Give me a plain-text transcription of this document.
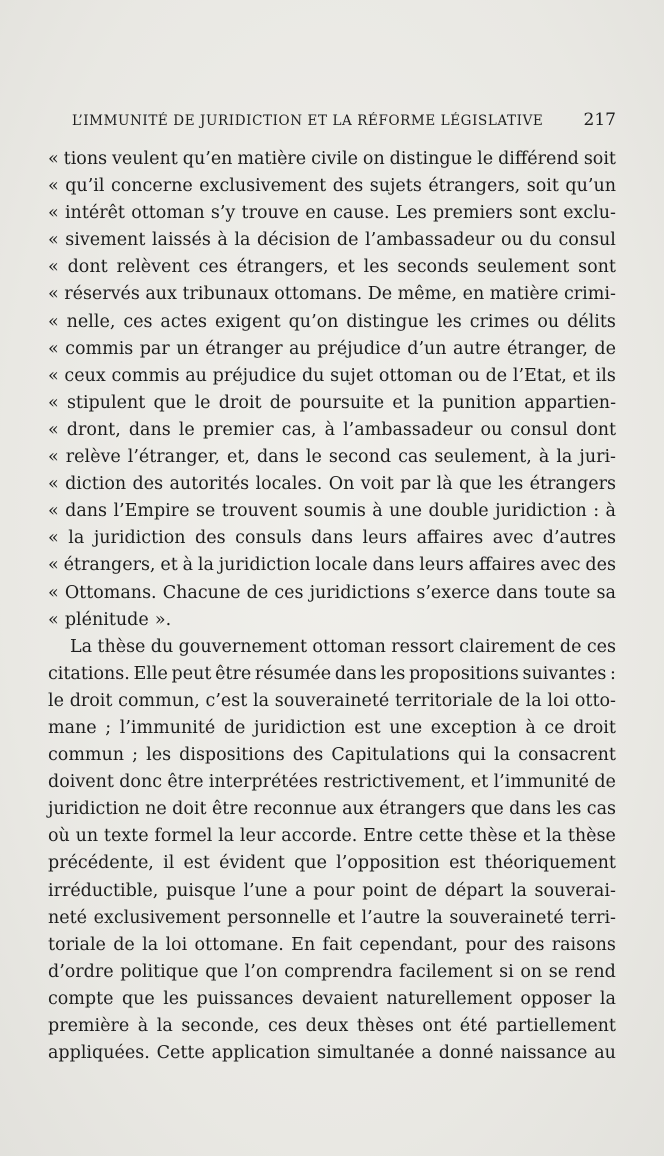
L’IMMUNITÉ DE JURIDICTION ET LA RÉFORME LÉGISLATIVE 217
« tions veulent qu’en matière civile on distingue le différend soit
« qu’il concerne exclusivement des sujets étrangers, soit qu’un
« intérêt ottoman s’y trouve en cause. Les premiers sont exclu-
« sivement laissés à la décision de l’ambassadeur ou du consul
« dont relèvent ces étrangers, et les seconds seulement sont
« réservés aux tribunaux ottomans. De même, en matière crimi-
« nelle, ces actes exigent qu’on distingue les crimes ou délits
« commis par un étranger au préjudice d’un autre étranger, de
« ceux commis au préjudice du sujet ottoman ou de l’Etat, et ils
« stipulent que le droit de poursuite et la punition appartien-
« dront, dans le premier cas, à l’ambassadeur ou consul dont
« relève l’étranger, et, dans le second cas seulement, à la juri-
« diction des autorités locales. On voit par là que les étrangers
« dans l’Empire se trouvent soumis à une double juridiction : à
« la juridiction des consuls dans leurs affaires avec d’autres
« étrangers, et à la juridiction locale dans leurs affaires avec des
« Ottomans. Chacune de ces juridictions s’exerce dans toute sa
« plénitude ».
La thèse du gouvernement ottoman ressort clairement de ces
citations. Elle peut être résumée dans les propositions suivantes :
le droit commun, c’est la souveraineté territoriale de la loi otto-
mane ; l’immunité de juridiction est une exception à ce droit
commun ; les dispositions des Capitulations qui la consacrent
doivent donc être interprétées restrictivement, et l’immunité de
juridiction ne doit être reconnue aux étrangers que dans les cas
où un texte formel la leur accorde. Entre cette thèse et la thèse
précédente, il est évident que l’opposition est théoriquement
irréductible, puisque l’une a pour point de départ la souverai-
neté exclusivement personnelle et l’autre la souveraineté terri-
toriale de la loi ottomane. En fait cependant, pour des raisons
d’ordre politique que l’on comprendra facilement si on se rend
compte que les puissances devaient naturellement opposer la
première à la seconde, ces deux thèses ont été partiellement
appliquées. Cette application simultanée a donné naissance au
